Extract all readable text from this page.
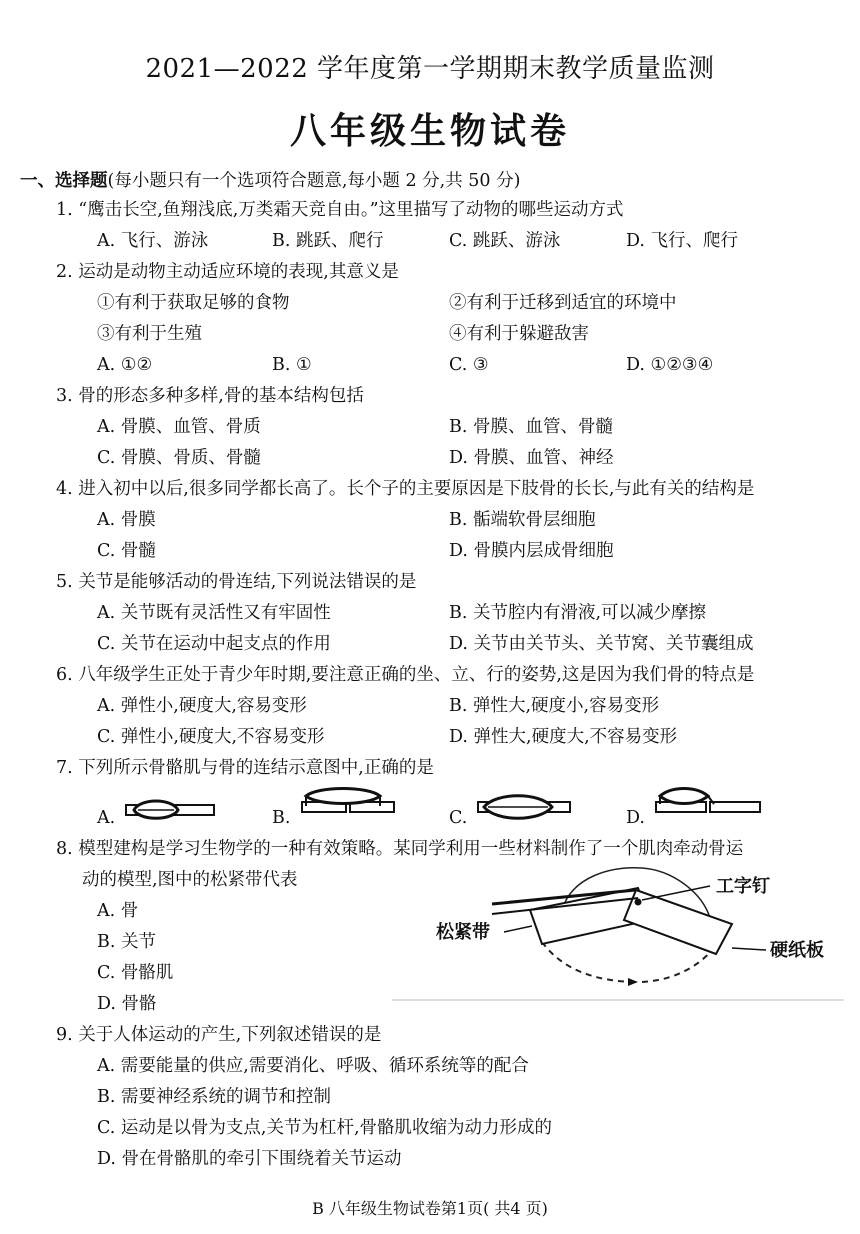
2021—2022 学年度第一学期期末教学质量监测
八年级生物试卷
一、选择题(每小题只有一个选项符合题意,每小题 2 分,共 50 分)
1. “鹰击长空,鱼翔浅底,万类霜天竞自由。”这里描写了动物的哪些运动方式
A. 飞行、游泳	B. 跳跃、爬行	C. 跳跃、游泳	D. 飞行、爬行
2. 运动是动物主动适应环境的表现,其意义是
①有利于获取足够的食物	②有利于迁移到适宜的环境中
③有利于生殖	④有利于躲避敌害
A. ①②	B. ①	C. ③	D. ①②③④
3. 骨的形态多种多样,骨的基本结构包括
A. 骨膜、血管、骨质	B. 骨膜、血管、骨髓
C. 骨膜、骨质、骨髓	D. 骨膜、血管、神经
4. 进入初中以后,很多同学都长高了。长个子的主要原因是下肢骨的长长,与此有关的结构是
A. 骨膜	B. 骺端软骨层细胞
C. 骨髓	D. 骨膜内层成骨细胞
5. 关节是能够活动的骨连结,下列说法错误的是
A. 关节既有灵活性又有牢固性	B. 关节腔内有滑液,可以减少摩擦
C. 关节在运动中起支点的作用	D. 关节由关节头、关节窝、关节囊组成
6. 八年级学生正处于青少年时期,要注意正确的坐、立、行的姿势,这是因为我们骨的特点是
A. 弹性小,硬度大,容易变形	B. 弹性大,硬度小,容易变形
C. 弹性小,硬度大,不容易变形	D. 弹性大,硬度大,不容易变形
7. 下列所示骨骼肌与骨的连结示意图中,正确的是
A.	B.	C.	D.
8. 模型建构是学习生物学的一种有效策略。某同学利用一些材料制作了一个肌肉牵动骨运
动的模型,图中的松紧带代表
A. 骨
B. 关节
C. 骨骼肌
D. 骨骼
工字钉
松紧带
硬纸板
9. 关于人体运动的产生,下列叙述错误的是
A. 需要能量的供应,需要消化、呼吸、循环系统等的配合
B. 需要神经系统的调节和控制
C. 运动是以骨为支点,关节为杠杆,骨骼肌收缩为动力形成的
D. 骨在骨骼肌的牵引下围绕着关节运动
B 八年级生物试卷第1页( 共4 页)
